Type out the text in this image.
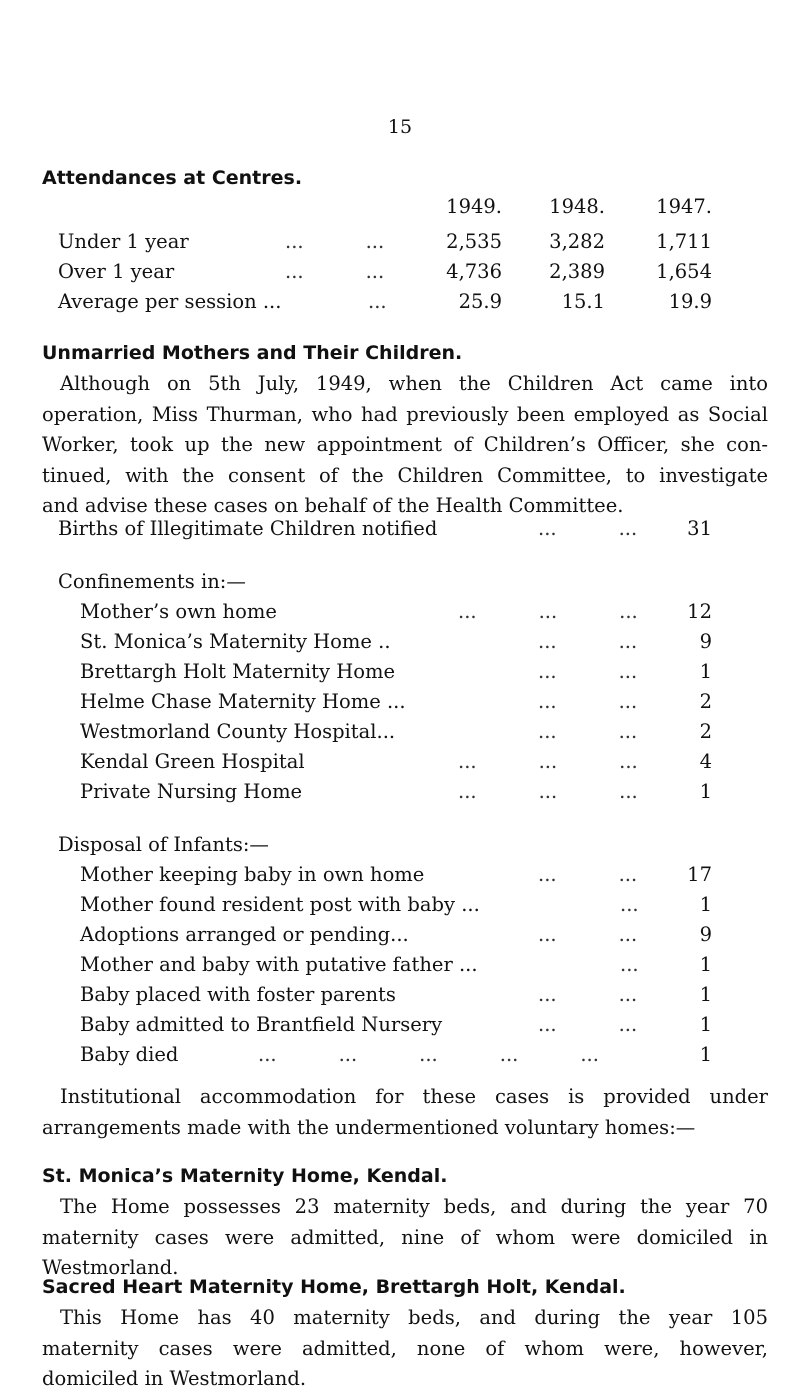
15
Attendances at Centres.
1949.	1948.	1947.
Under 1 year	...          ...	2,535	3,282	1,711
Over 1 year	...          ...	4,736	2,389	1,654
Average per session ...	...	25.9	15.1	19.9
Unmarried Mothers and Their Children.
Although on 5th July, 1949, when the Children Act came into
operation, Miss Thurman, who had previously been employed as Social
Worker, took up the new appointment of Children’s Officer, she con-
tinued, with the consent of the Children Committee, to investigate
and advise these cases on behalf of the Health Committee.
Births of Illegitimate Children notified	...          ...	31
Confinements in:—
Mother’s own home	...          ...          ...	12
St. Monica’s Maternity Home ..	...          ...	9
Brettargh Holt Maternity Home	...          ...	1
Helme Chase Maternity Home ...	...          ...	2
Westmorland County Hospital...	...          ...	2
Kendal Green Hospital	...          ...          ...	4
Private Nursing Home	...          ...          ...	1
Disposal of Infants:—
Mother keeping baby in own home	...          ...	17
Mother found resident post with baby ...	...	1
Adoptions arranged or pending...	...          ...	9
Mother and baby with putative father ...	...	1
Baby placed with foster parents	...          ...	1
Baby admitted to Brantfield Nursery	...          ...	1
Baby died	...          ...          ...          ...          ...	1
Institutional accommodation for these cases is provided under
arrangements made with the undermentioned voluntary homes:—
St. Monica’s Maternity Home, Kendal.
The Home possesses 23 maternity beds, and during the year 70
maternity cases were admitted, nine of whom were domiciled in
Westmorland.
Sacred Heart Maternity Home, Brettargh Holt, Kendal.
This Home has 40 maternity beds, and during the year 105
maternity cases were admitted, none of whom were, however,
domiciled in Westmorland.
